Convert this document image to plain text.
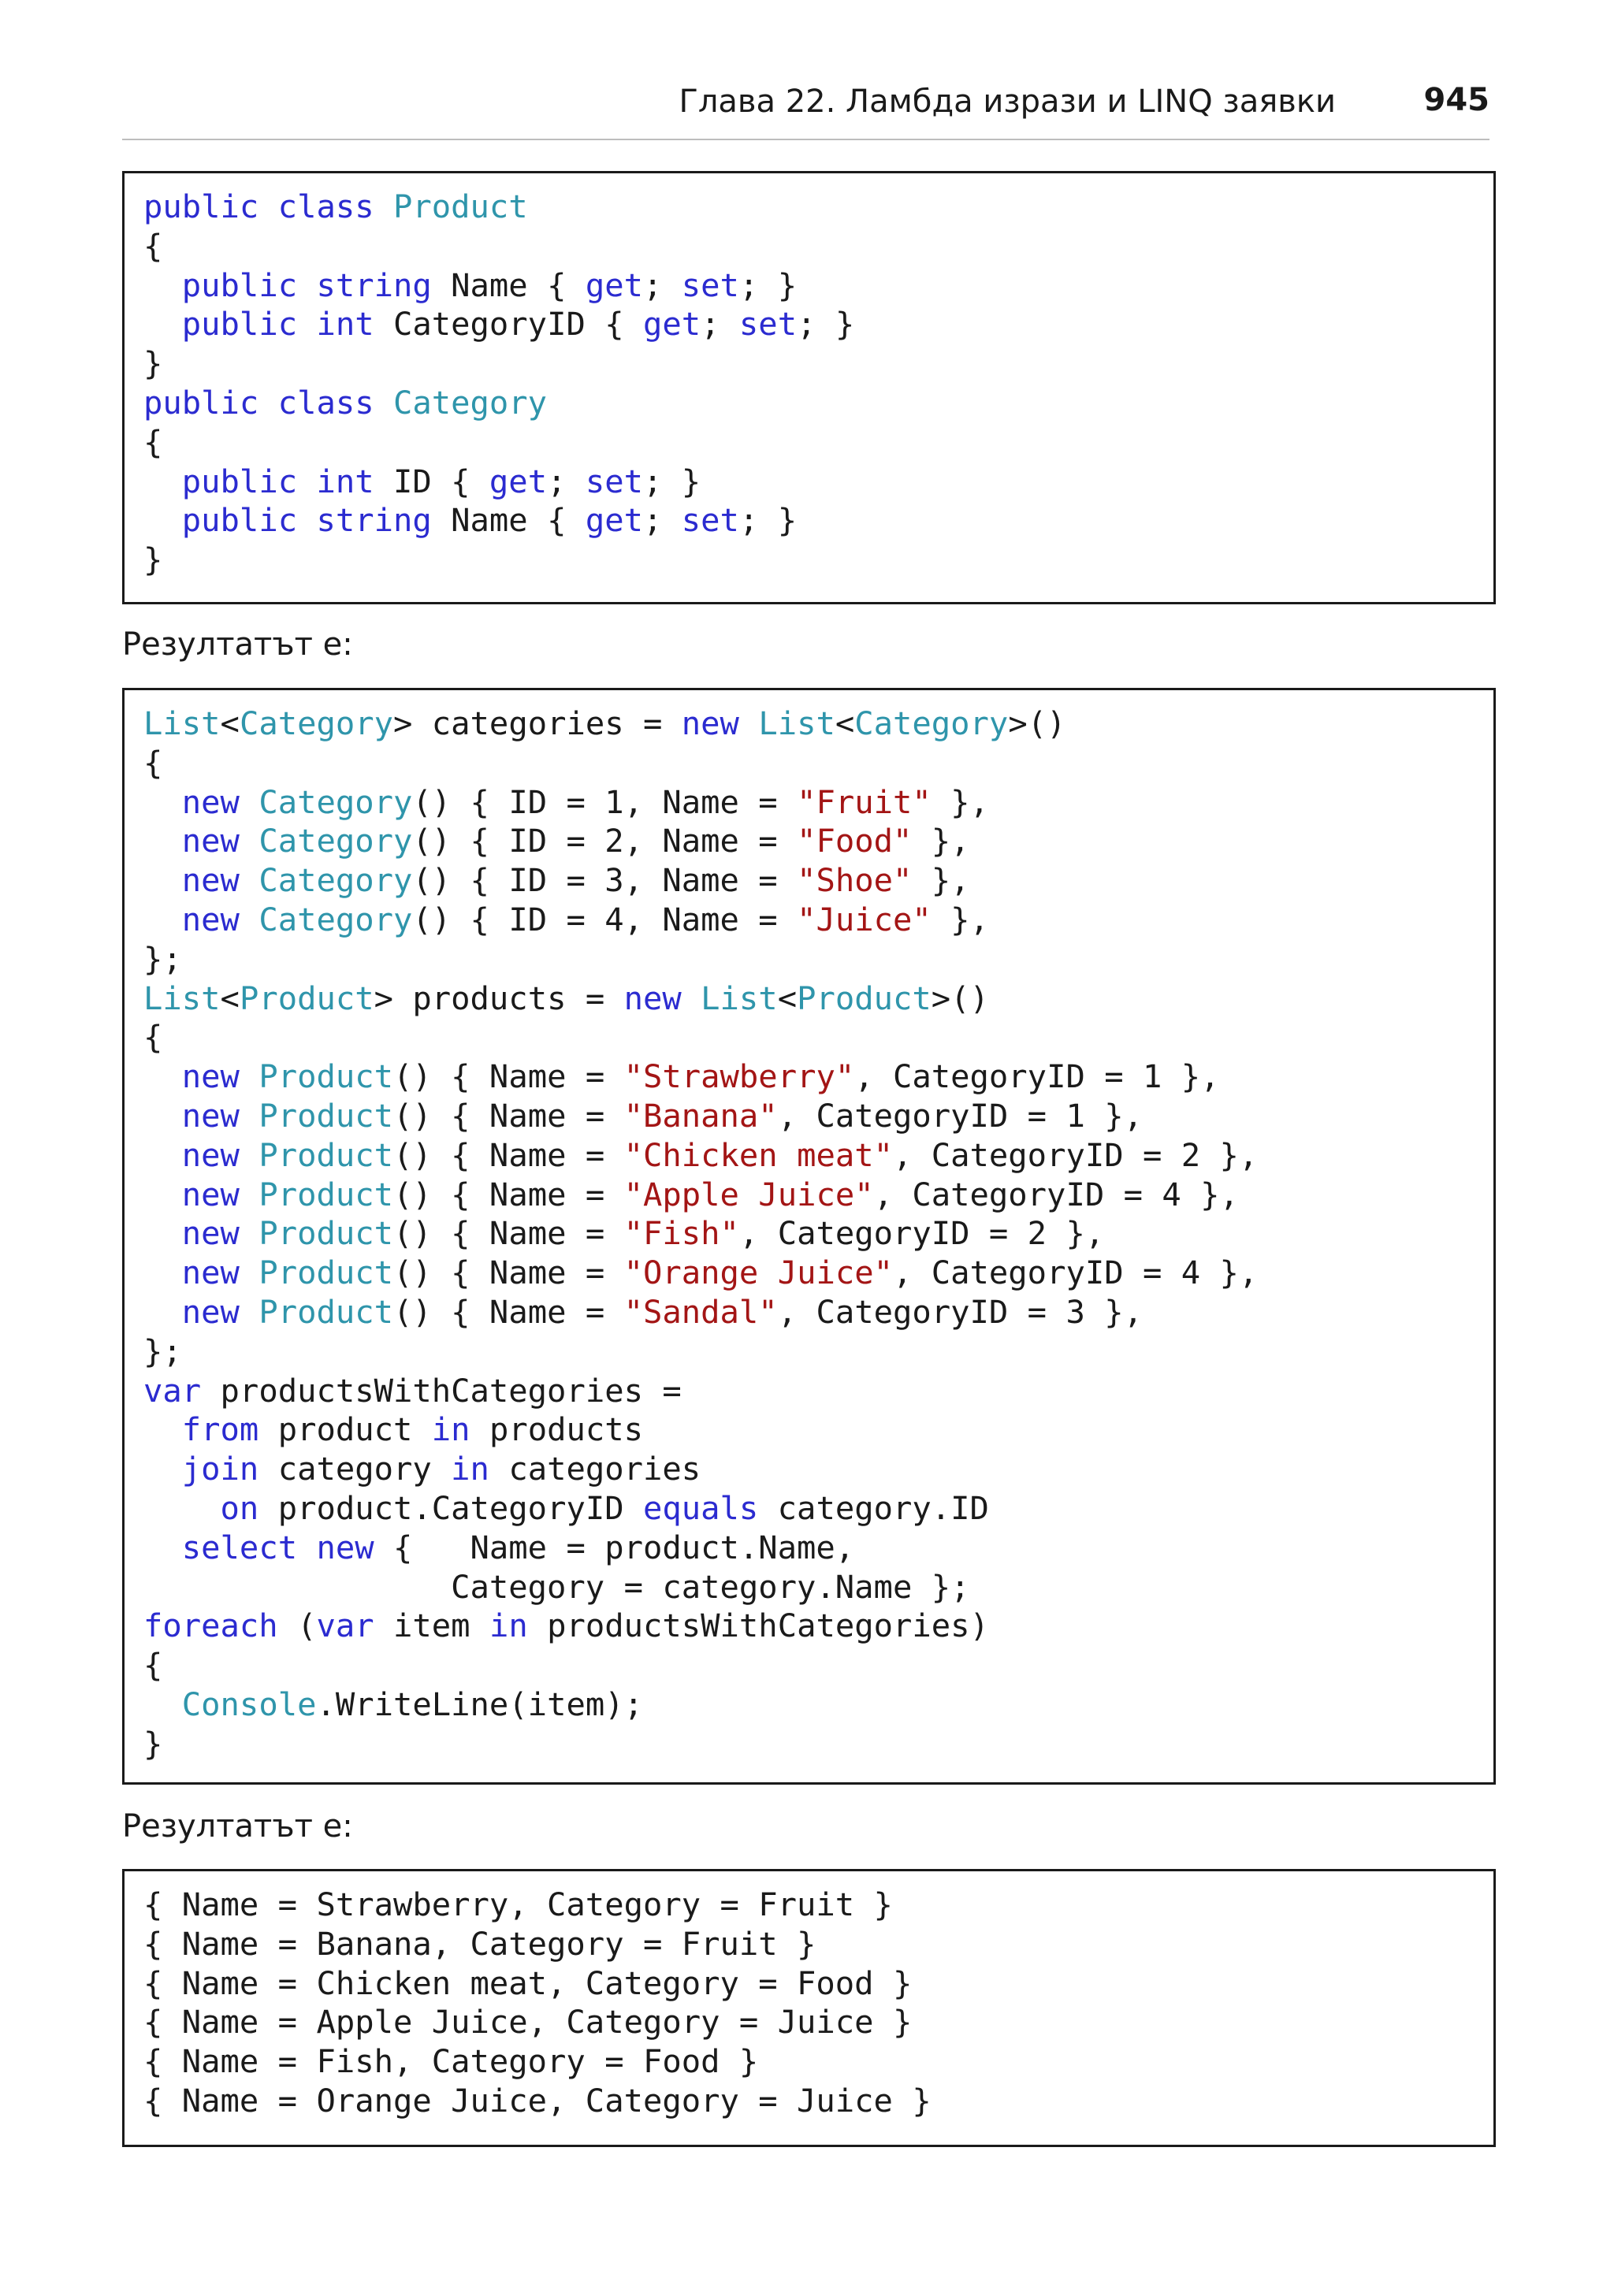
Глава 22. Ламбда изрази и LINQ заявки	945
public class Product
{
public string Name { get; set; }
public int CategoryID { get; set; }
}
public class Category
{
public int ID { get; set; }
public string Name { get; set; }
}
Резултатът е:
List<Category> categories = new List<Category>()
{
new Category() { ID = 1, Name = "Fruit" },
new Category() { ID = 2, Name = "Food" },
new Category() { ID = 3, Name = "Shoe" },
new Category() { ID = 4, Name = "Juice" },
};
List<Product> products = new List<Product>()
{
new Product() { Name = "Strawberry", CategoryID = 1 },
new Product() { Name = "Banana", CategoryID = 1 },
new Product() { Name = "Chicken meat", CategoryID = 2 },
new Product() { Name = "Apple Juice", CategoryID = 4 },
new Product() { Name = "Fish", CategoryID = 2 },
new Product() { Name = "Orange Juice", CategoryID = 4 },
new Product() { Name = "Sandal", CategoryID = 3 },
};
var productsWithCategories =
from product in products
join category in categories
on product.CategoryID equals category.ID
select new {   Name = product.Name,
Category = category.Name };
foreach (var item in productsWithCategories)
{
Console.WriteLine(item);
}
Резултатът е:
{ Name = Strawberry, Category = Fruit }
{ Name = Banana, Category = Fruit }
{ Name = Chicken meat, Category = Food }
{ Name = Apple Juice, Category = Juice }
{ Name = Fish, Category = Food }
{ Name = Orange Juice, Category = Juice }
